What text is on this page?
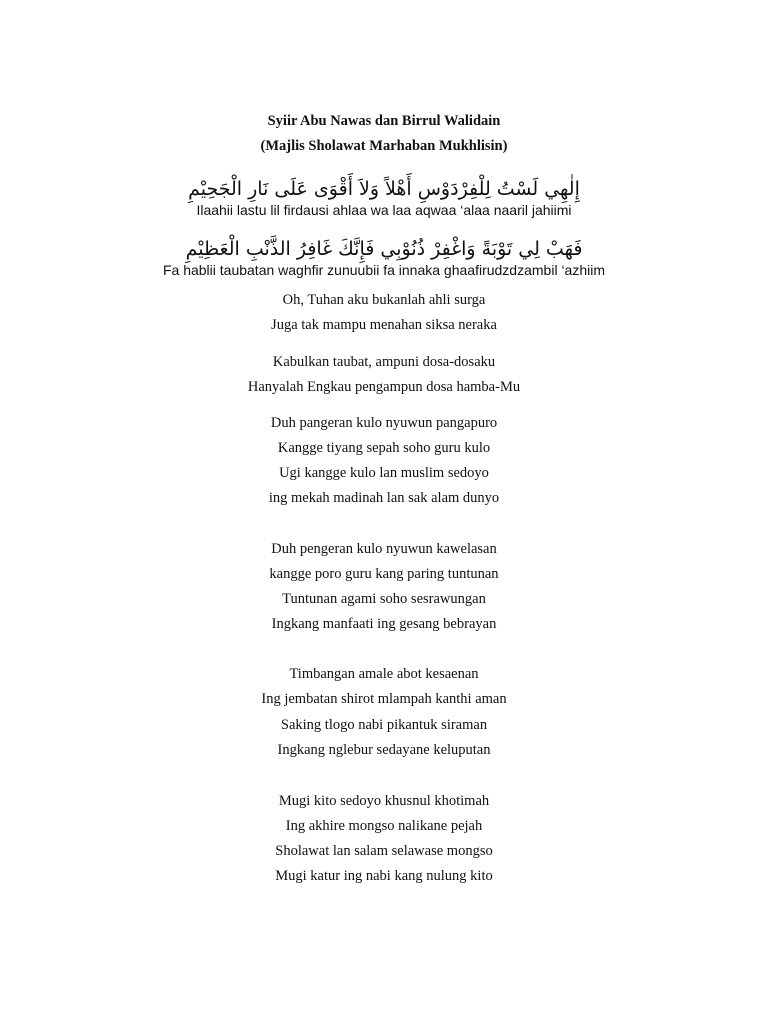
Syiir Abu Nawas dan Birrul Walidain
(Majlis Sholawat Marhaban Mukhlisin)
إِلٰهِي لَسْتُ لِلْفِرْدَوْسِ أَهْلاً وَلاَ أَقْوَى عَلَى نَارِ الْجَحِيْمِ
Ilaahii lastu lil firdausi ahlaa wa laa aqwaa ‘alaa naaril jahiimi
فَهَبْ لِي تَوْبَةً وَاغْفِرْ ذُنُوْبِي فَإِنَّكَ غَافِرُ الذَّنْبِ الْعَظِيْمِ
Fa hablii taubatan waghfir zunuubii fa innaka ghaafirudzdzambil ‘azhiim
Oh, Tuhan aku bukanlah ahli surga
Juga tak mampu menahan siksa neraka
Kabulkan taubat, ampuni dosa-dosaku
Hanyalah Engkau pengampun dosa hamba-Mu
Duh pangeran kulo nyuwun pangapuro
Kangge tiyang sepah soho guru kulo
Ugi kangge kulo lan muslim sedoyo
ing mekah madinah lan sak alam dunyo
Duh pengeran kulo nyuwun kawelasan
kangge poro guru kang paring tuntunan
Tuntunan agami soho sesrawungan
Ingkang manfaati ing gesang bebrayan
Timbangan amale abot kesaenan
Ing jembatan shirot mlampah kanthi aman
Saking tlogo nabi pikantuk siraman
Ingkang nglebur sedayane keluputan
Mugi kito sedoyo khusnul khotimah
Ing akhire mongso nalikane pejah
Sholawat lan salam selawase mongso
Mugi katur ing nabi kang nulung kito
